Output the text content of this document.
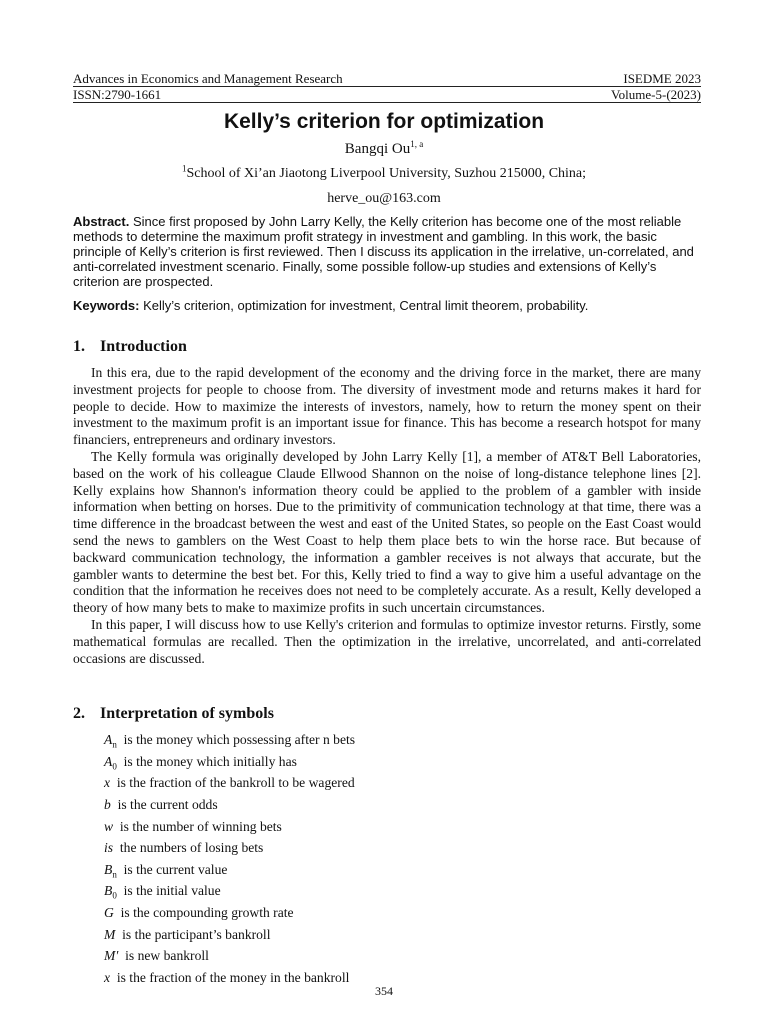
Advances in Economics and Management Research	ISEDME 2023
ISSN:2790-1661	Volume-5-(2023)
Kelly’s criterion for optimization
Bangqi Ou$^{1, a}$
$^1$School of Xi’an Jiaotong Liverpool University, Suzhou 215000, China;
herve_ou@163.com
Abstract. Since first proposed by John Larry Kelly, the Kelly criterion has become one of the most reliable methods to determine the maximum profit strategy in investment and gambling. In this work, the basic principle of Kelly’s criterion is first reviewed. Then I discuss its application in the irrelative, un-correlated, and anti-correlated investment scenario. Finally, some possible follow-up studies and extensions of Kelly’s criterion are prospected.
Keywords: Kelly’s criterion, optimization for investment, Central limit theorem, probability.
1. Introduction

In this era, due to the rapid development of the economy and the driving force in the market, there are many investment projects for people to choose from. The diversity of investment mode and returns makes it hard for people to decide. How to maximize the interests of investors, namely, how to return the money spent on their investment to the maximum profit is an important issue for finance. This has become a research hotspot for many financiers, entrepreneurs and ordinary investors.

The Kelly formula was originally developed by John Larry Kelly [1], a member of AT&T Bell Laboratories, based on the work of his colleague Claude Ellwood Shannon on the noise of long-distance telephone lines [2]. Kelly explains how Shannon's information theory could be applied to the problem of a gambler with inside information when betting on horses. Due to the primitivity of communication technology at that time, there was a time difference in the broadcast between the west and east of the United States, so people on the East Coast would send the news to gamblers on the West Coast to help them place bets to win the horse race. But because of backward communication technology, the information a gambler receives is not always that accurate, but the gambler wants to determine the best bet. For this, Kelly tried to find a way to give him a useful advantage on the condition that the information he receives does not need to be completely accurate. As a result, Kelly developed a theory of how many bets to make to maximize profits in such uncertain circumstances.

In this paper, I will discuss how to use Kelly's criterion and formulas to optimize investor returns. Firstly, some mathematical formulas are recalled. Then the optimization in the irrelative, uncorrelated, and anti-correlated occasions are discussed.

2. Interpretation of symbols
$A_n$ is the money which possessing after n bets
$A_0$ is the money which initially has
x is the fraction of the bankroll to be wagered
b is the current odds
w is the number of winning bets
is the numbers of losing bets
$B_n$ is the current value
$B_0$ is the initial value
G is the compounding growth rate
M is the participant’s bankroll
M′ is new bankroll
x is the fraction of the money in the bankroll
354
